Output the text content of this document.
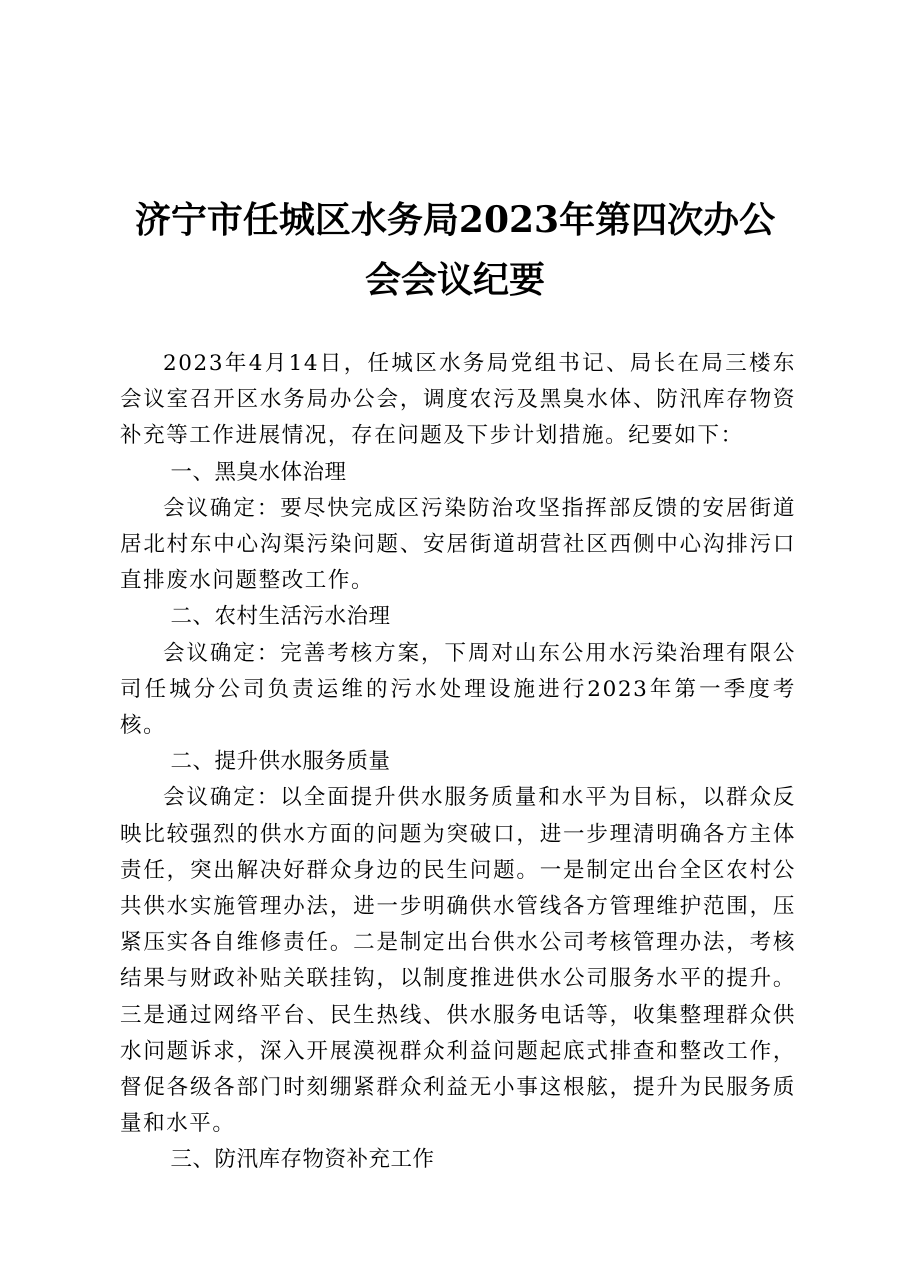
济宁市任城区水务局2023年第四次办公会会议纪要

2023年4月14日，任城区水务局党组书记、局长在局三楼东会议室召开区水务局办公会，调度农污及黑臭水体、防汛库存物资补充等工作进展情况，存在问题及下步计划措施。纪要如下：

一、黑臭水体治理

会议确定：要尽快完成区污染防治攻坚指挥部反馈的安居街道居北村东中心沟渠污染问题、安居街道胡营社区西侧中心沟排污口直排废水问题整改工作。

二、农村生活污水治理

会议确定：完善考核方案，下周对山东公用水污染治理有限公司任城分公司负责运维的污水处理设施进行2023年第一季度考核。

二、提升供水服务质量

会议确定：以全面提升供水服务质量和水平为目标，以群众反映比较强烈的供水方面的问题为突破口，进一步理清明确各方主体责任，突出解决好群众身边的民生问题。一是制定出台全区农村公共供水实施管理办法，进一步明确供水管线各方管理维护范围，压紧压实各自维修责任。二是制定出台供水公司考核管理办法，考核结果与财政补贴关联挂钩，以制度推进供水公司服务水平的提升。三是通过网络平台、民生热线、供水服务电话等，收集整理群众供水问题诉求，深入开展漠视群众利益问题起底式排查和整改工作，督促各级各部门时刻绷紧群众利益无小事这根舷，提升为民服务质量和水平。

三、防汛库存物资补充工作
